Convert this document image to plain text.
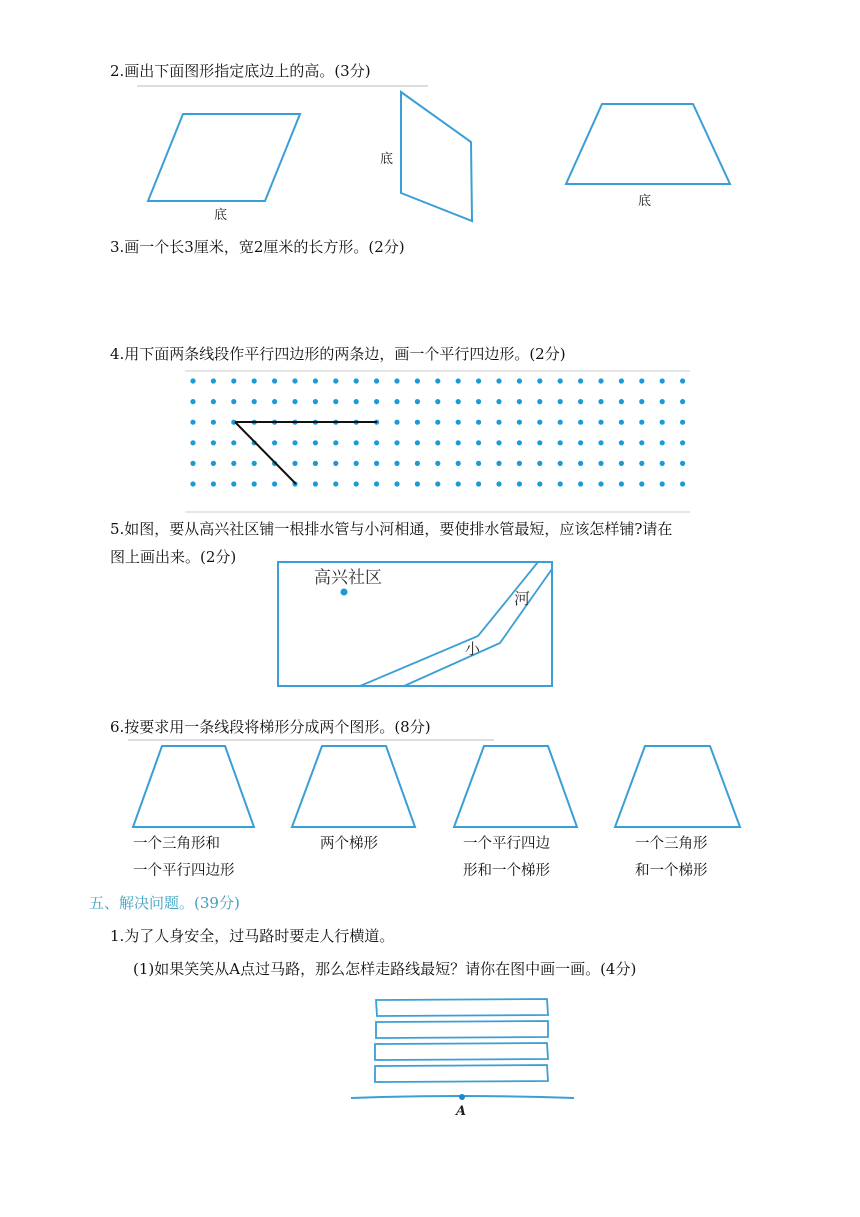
2.画出下面图形指定底边上的高。(3分)
底
底
底
3.画一个长3厘米，宽2厘米的长方形。(2分)
4.用下面两条线段作平行四边形的两条边，画一个平行四边形。(2分)
5.如图，要从高兴社区铺一根排水管与小河相通，要使排水管最短，应该怎样铺?请在
图上画出来。(2分)
高兴社区
小
河
6.按要求用一条线段将梯形分成两个图形。(8分)
一个三角形和
一个平行四边形
两个梯形	一个平行四边
形和一个梯形
一个三角形
和一个梯形
五、解决问题。(39分)
1.为了人身安全，过马路时要走人行横道。
(1)如果笑笑从A点过马路，那么怎样走路线最短？请你在图中画一画。(4分)
A
